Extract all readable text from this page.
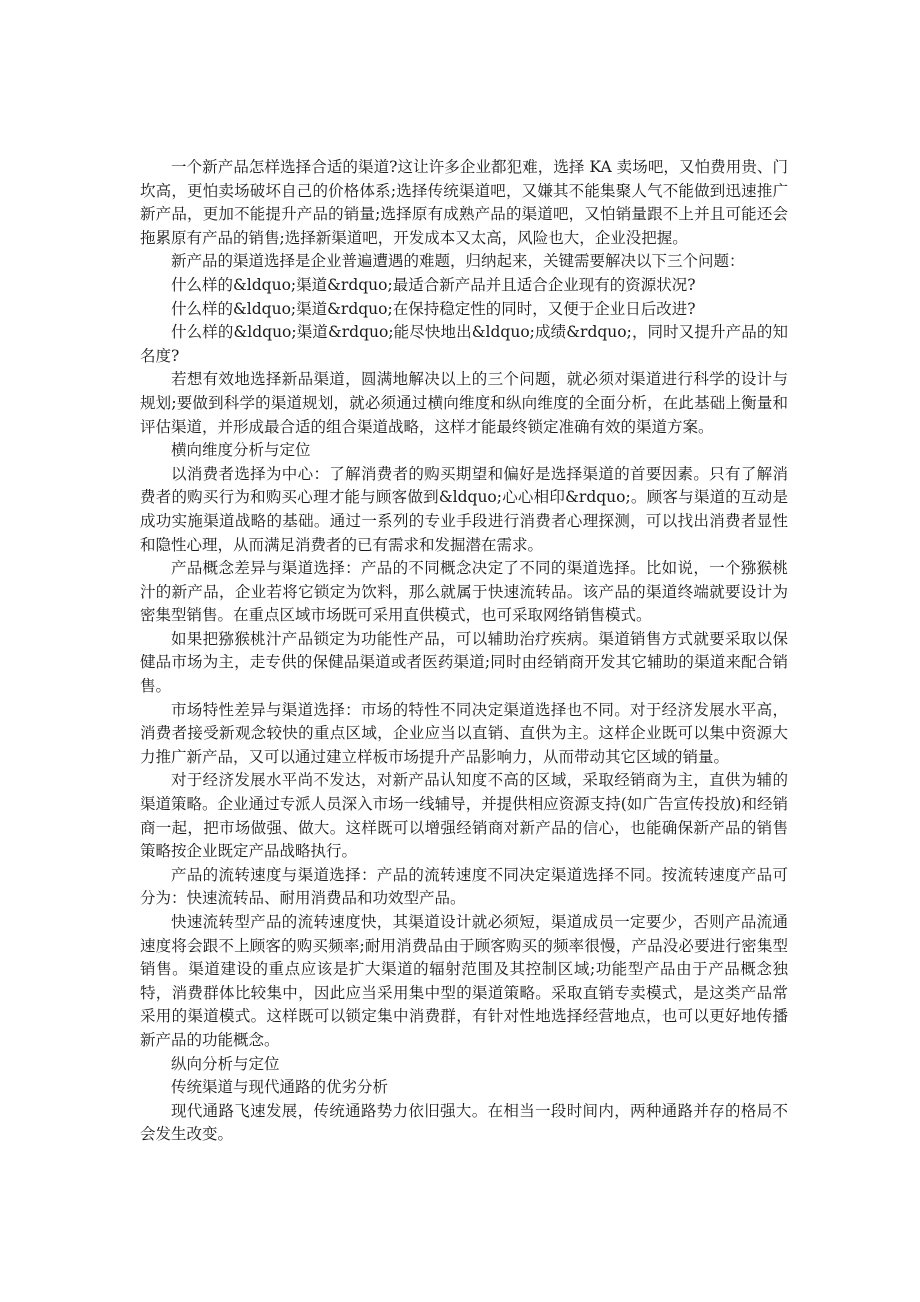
一个新产品怎样选择合适的渠道?这让许多企业都犯难，选择 KA 卖场吧，又怕费用贵、门坎高，更怕卖场破坏自己的价格体系;选择传统渠道吧，又嫌其不能集聚人气不能做到迅速推广新产品，更加不能提升产品的销量;选择原有成熟产品的渠道吧，又怕销量跟不上并且可能还会拖累原有产品的销售;选择新渠道吧，开发成本又太高，风险也大，企业没把握。

新产品的渠道选择是企业普遍遭遇的难题，归纳起来，关键需要解决以下三个问题：

什么样的&ldquo;渠道&rdquo;最适合新产品并且适合企业现有的资源状况?

什么样的&ldquo;渠道&rdquo;在保持稳定性的同时，又便于企业日后改进?

什么样的&ldquo;渠道&rdquo;能尽快地出&ldquo;成绩&rdquo;，同时又提升产品的知名度?

若想有效地选择新品渠道，圆满地解决以上的三个问题，就必须对渠道进行科学的设计与规划;要做到科学的渠道规划，就必须通过横向维度和纵向维度的全面分析，在此基础上衡量和评估渠道，并形成最合适的组合渠道战略，这样才能最终锁定准确有效的渠道方案。

横向维度分析与定位

以消费者选择为中心：了解消费者的购买期望和偏好是选择渠道的首要因素。只有了解消费者的购买行为和购买心理才能与顾客做到&ldquo;心心相印&rdquo;。顾客与渠道的互动是成功实施渠道战略的基础。通过一系列的专业手段进行消费者心理探测，可以找出消费者显性和隐性心理，从而满足消费者的已有需求和发掘潜在需求。

产品概念差异与渠道选择：产品的不同概念决定了不同的渠道选择。比如说，一个猕猴桃汁的新产品，企业若将它锁定为饮料，那么就属于快速流转品。该产品的渠道终端就要设计为密集型销售。在重点区域市场既可采用直供模式，也可采取网络销售模式。

如果把猕猴桃汁产品锁定为功能性产品，可以辅助治疗疾病。渠道销售方式就要采取以保健品市场为主，走专供的保健品渠道或者医药渠道;同时由经销商开发其它辅助的渠道来配合销售。

市场特性差异与渠道选择：市场的特性不同决定渠道选择也不同。对于经济发展水平高，消费者接受新观念较快的重点区域，企业应当以直销、直供为主。这样企业既可以集中资源大力推广新产品，又可以通过建立样板市场提升产品影响力，从而带动其它区域的销量。

对于经济发展水平尚不发达，对新产品认知度不高的区域，采取经销商为主，直供为辅的渠道策略。企业通过专派人员深入市场一线辅导，并提供相应资源支持(如广告宣传投放)和经销商一起，把市场做强、做大。这样既可以增强经销商对新产品的信心，也能确保新产品的销售策略按企业既定产品战略执行。

产品的流转速度与渠道选择：产品的流转速度不同决定渠道选择不同。按流转速度产品可分为：快速流转品、耐用消费品和功效型产品。

快速流转型产品的流转速度快，其渠道设计就必须短，渠道成员一定要少，否则产品流通速度将会跟不上顾客的购买频率;耐用消费品由于顾客购买的频率很慢，产品没必要进行密集型销售。渠道建设的重点应该是扩大渠道的辐射范围及其控制区域;功能型产品由于产品概念独特，消费群体比较集中，因此应当采用集中型的渠道策略。采取直销专卖模式，是这类产品常采用的渠道模式。这样既可以锁定集中消费群，有针对性地选择经营地点，也可以更好地传播新产品的功能概念。

纵向分析与定位

传统渠道与现代通路的优劣分析

现代通路飞速发展，传统通路势力依旧强大。在相当一段时间内，两种通路并存的格局不会发生改变。
